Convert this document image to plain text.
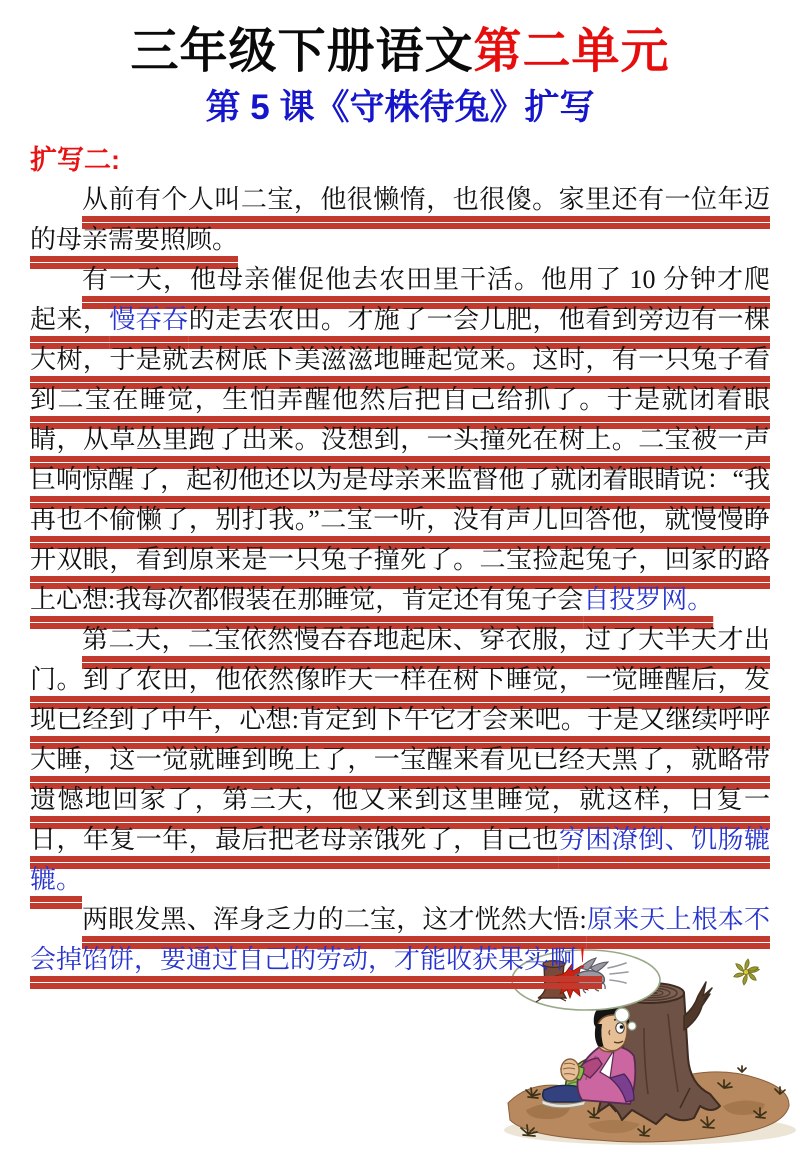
三年级下册语文第二单元
第 5 课《守株待兔》扩写
扩写二:

从前有个人叫二宝，他很懒惰，也很傻。家里还有一位年迈的母亲需要照顾。

有一天，他母亲催促他去农田里干活。他用了 10 分钟才爬起来，慢吞吞的走去农田。才施了一会儿肥，他看到旁边有一棵大树，于是就去树底下美滋滋地睡起觉来。这时，有一只兔子看到二宝在睡觉，生怕弄醒他然后把自己给抓了。于是就闭着眼睛，从草丛里跑了出来。没想到，一头撞死在树上。二宝被一声巨响惊醒了，起初他还以为是母亲来监督他了就闭着眼睛说：“我再也不偷懒了，别打我。”二宝一听，没有声儿回答他，就慢慢睁开双眼，看到原来是一只兔子撞死了。二宝捡起兔子，回家的路上心想:我每次都假装在那睡觉，肯定还有兔子会自投罗网。

第二天，二宝依然慢吞吞地起床、穿衣服，过了大半天才出门。到了农田，他依然像昨天一样在树下睡觉，一觉睡醒后，发现已经到了中午，心想:肯定到下午它才会来吧。于是又继续呼呼大睡，这一觉就睡到晚上了，一宝醒来看见已经天黑了，就略带遗憾地回家了，第三天，他又来到这里睡觉，就这样，日复一日，年复一年，最后把老母亲饿死了，自己也穷困潦倒、饥肠辘辘。

两眼发黑、浑身乏力的二宝，这才恍然大悟:原来天上根本不会掉馅饼，要通过自己的劳动，才能收获果实啊！
